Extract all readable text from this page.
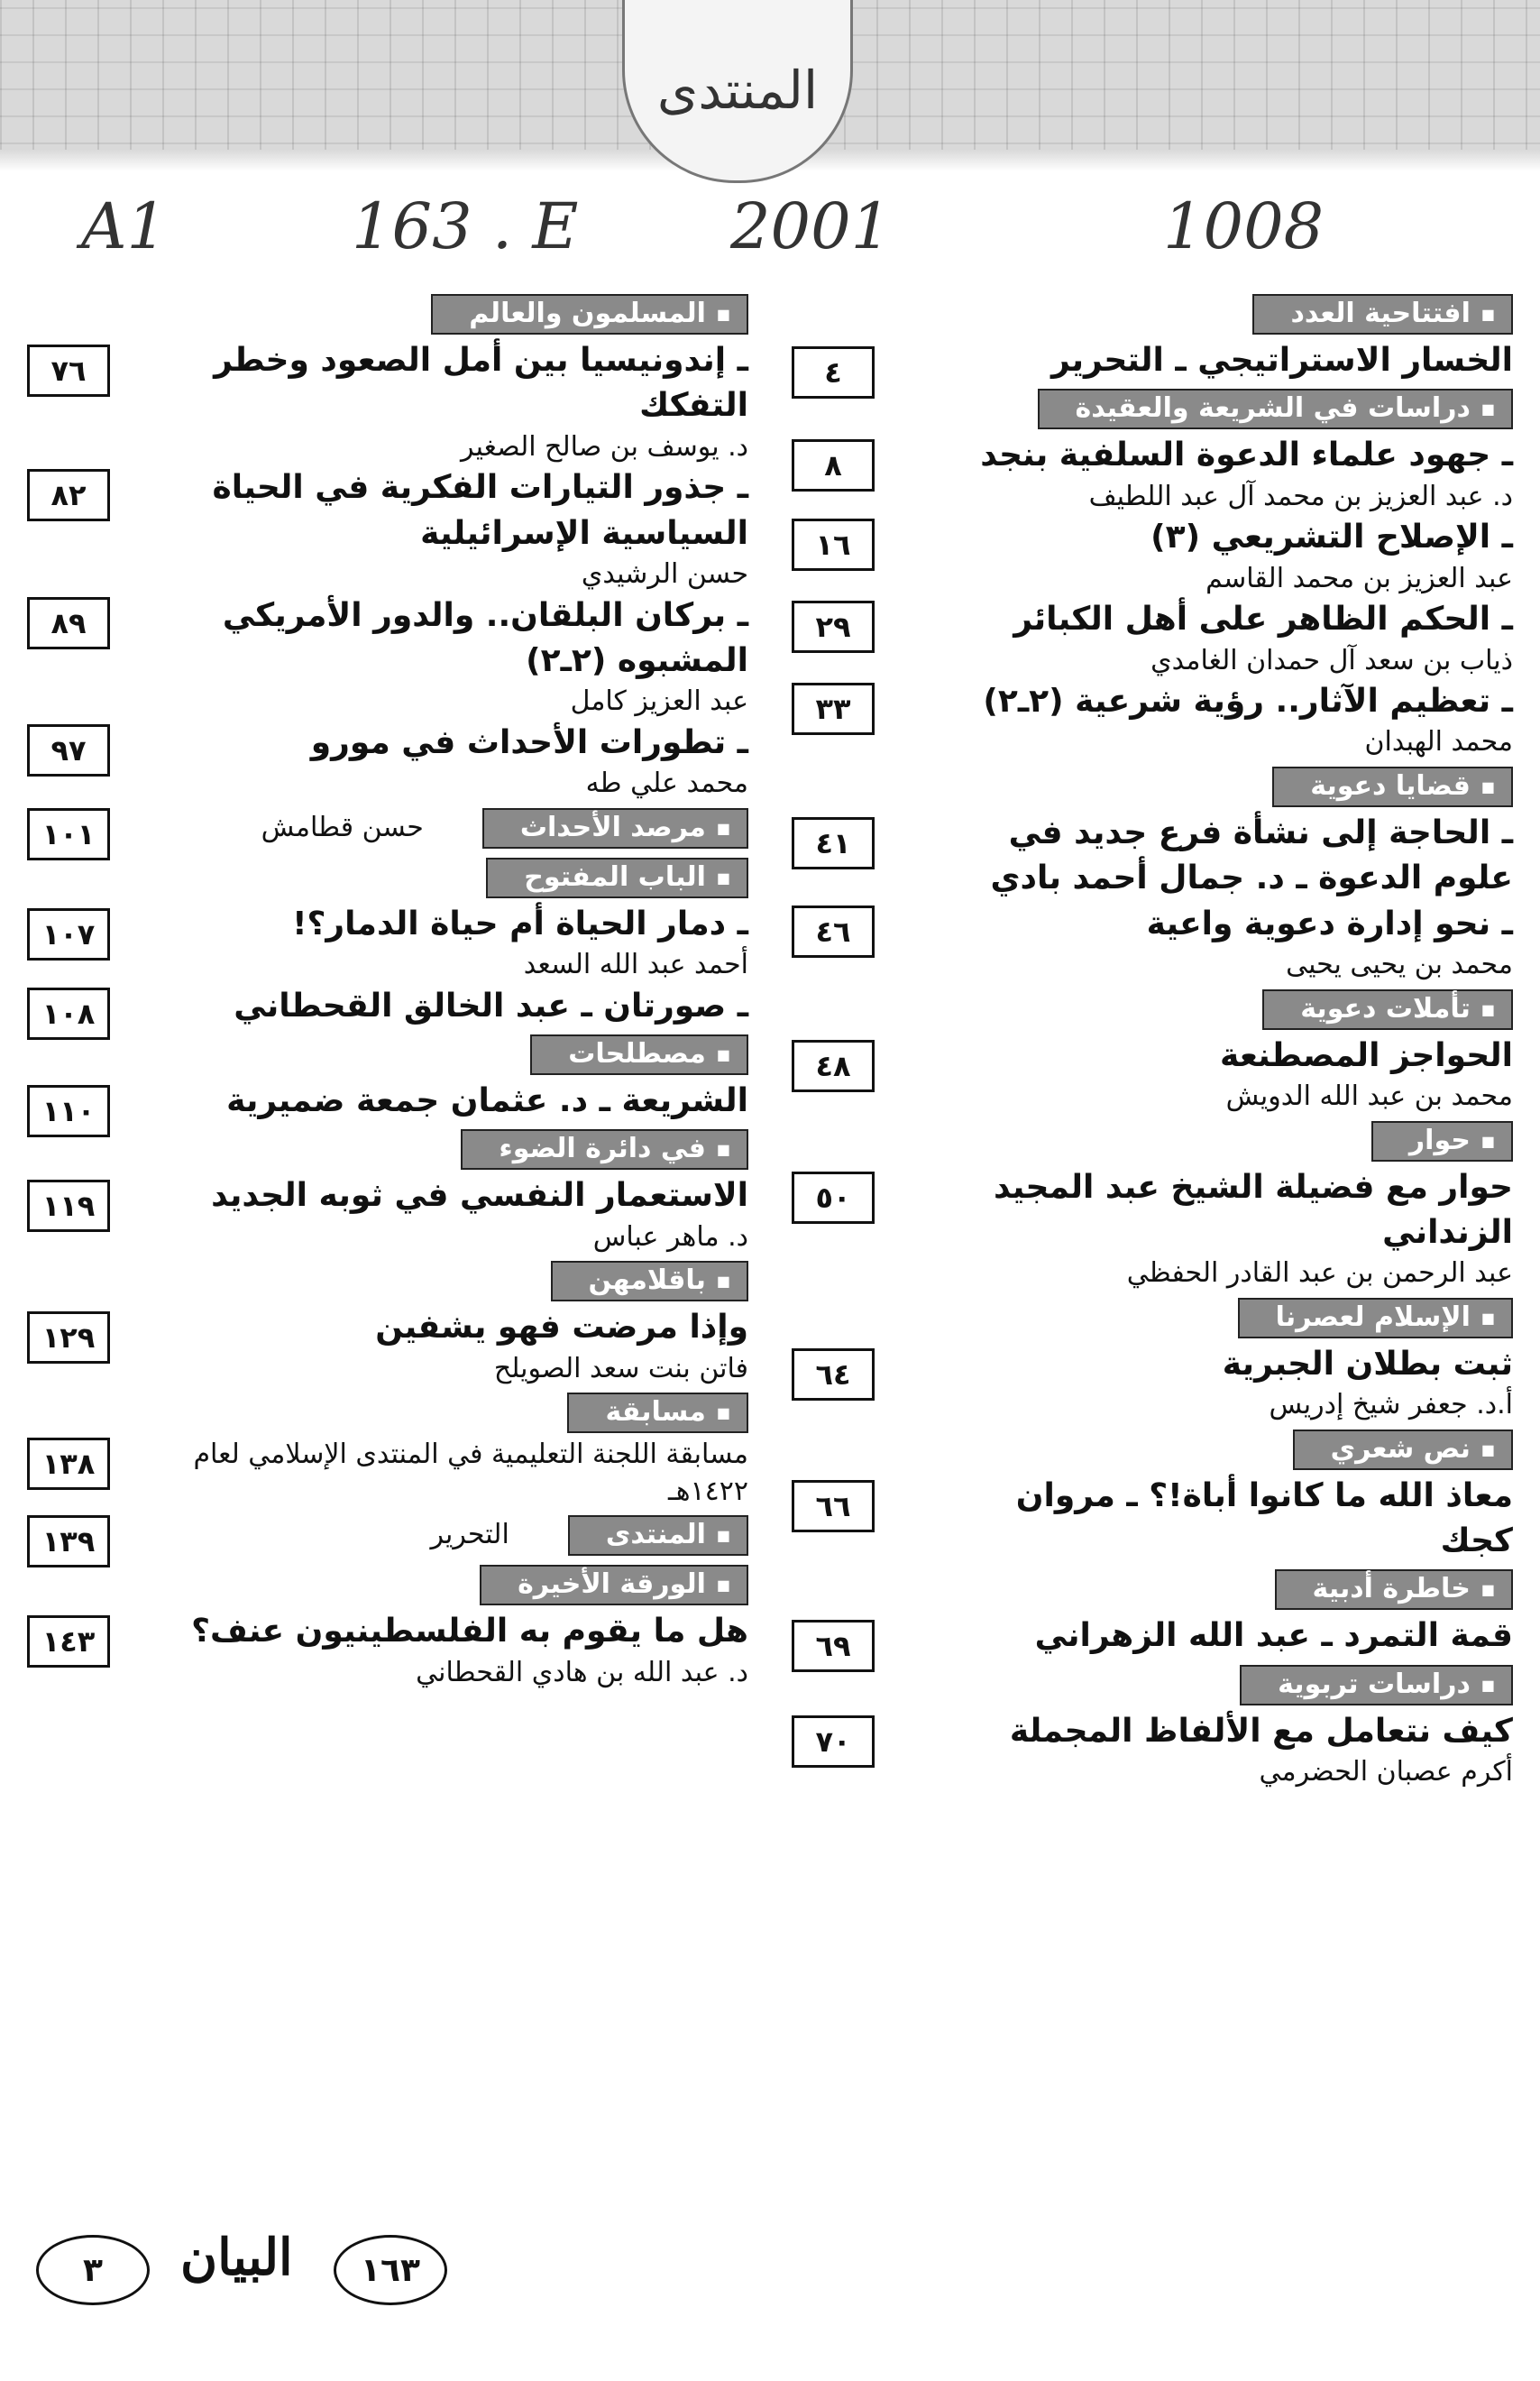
المنتدى
A1	163 . E 2001	1008
■ افتتاحية العدد
الخسار الاستراتيجي ـ التحرير
٤
■ دراسات في الشريعة والعقيدة
ـ جهود علماء الدعوة السلفية بنجد
د. عبد العزيز بن محمد آل عبد اللطيف
٨
ـ الإصلاح التشريعي (٣)
عبد العزيز بن محمد القاسم
١٦
ـ الحكم الظاهر على أهل الكبائر
ذياب بن سعد آل حمدان الغامدي
٢٩
ـ تعظيم الآثار.. رؤية شرعية (٢ـ٢)
محمد الهبدان
٣٣
■ قضايا دعوية
ـ الحاجة إلى نشأة فرع جديد في علوم الدعوة ـ د. جمال أحمد بادي
٤١
ـ نحو إدارة دعوية واعية
محمد بن يحيى يحيى
٤٦
■ تأملات دعوية
الحواجز المصطنعة
محمد بن عبد الله الدويش
٤٨
■ حوار
حوار مع فضيلة الشيخ عبد المجيد الزنداني
عبد الرحمن بن عبد القادر الحفظي
٥٠
■ الإسلام لعصرنا
ثبت بطلان الجبرية
أ.د. جعفر شيخ إدريس
٦٤
■ نص شعري
معاذ الله ما كانوا أباة!؟ ـ مروان كجك
٦٦
■ خاطرة أدبية
قمة التمرد ـ عبد الله الزهراني
٦٩
■ دراسات تربوية
كيف نتعامل مع الألفاظ المجملة
أكرم عصبان الحضرمي
٧٠
■ المسلمون والعالم
ـ إندونيسيا بين أمل الصعود وخطر التفكك
د. يوسف بن صالح الصغير
٧٦
ـ جذور التيارات الفكرية في الحياة السياسية الإسرائيلية
حسن الرشيدي
٨٢
ـ بركان البلقان.. والدور الأمريكي المشبوه (٢ـ٢)
عبد العزيز كامل
٨٩
ـ تطورات الأحداث في مورو
محمد علي طه
٩٧
■ مرصد الأحداث حسن قطامش
١٠١
■ الباب المفتوح
ـ دمار الحياة أم حياة الدمار؟!
أحمد عبد الله السعد
١٠٧
ـ صورتان ـ عبد الخالق القحطاني
١٠٨
■ مصطلحات
الشريعة ـ د. عثمان جمعة ضميرية
١١٠
■ في دائرة الضوء
الاستعمار النفسي في ثوبه الجديد
د. ماهر عباس
١١٩
■ باقلامهن
وإذا مرضت فهو يشفين
فاتن بنت سعد الصويلح
١٢٩
■ مسابقة
مسابقة اللجنة التعليمية في المنتدى الإسلامي لعام ١٤٢٢هـ
١٣٨
■ المنتدى التحرير
١٣٩
■ الورقة الأخيرة
هل ما يقوم به الفلسطينيون عنف؟
د. عبد الله بن هادي القحطاني
١٤٣
٣	البيان	١٦٣
